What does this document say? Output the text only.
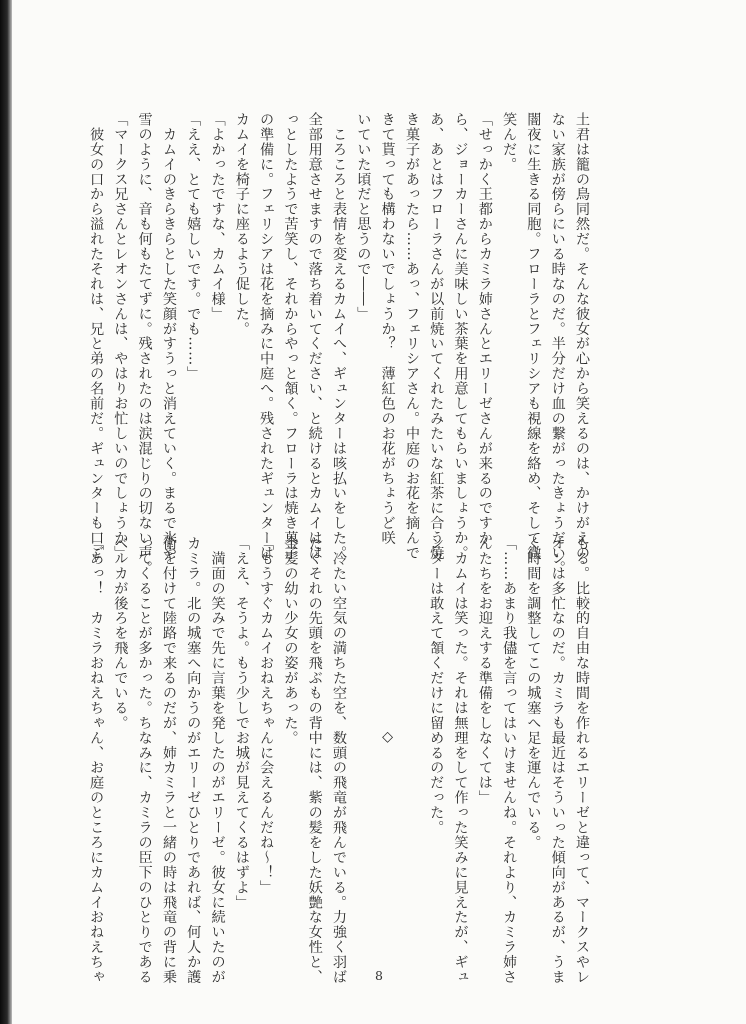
土君は籠の鳥同然だ。そんな彼女が心から笑えるのは、かけがえの

ない家族が傍らにいる時なのだ。半分だけ血の繋がったきょうだい。

闇夜に生きる同胞。フローラとフェリシアも視線を絡め、そして微

笑んだ。

「せっかく王都からカミラ姉さんとエリーゼさんが来るのですか

ら、ジョーカーさんに美味しい茶葉を用意してもらいましょうか。

あ、あとはフローラさんが以前焼いてくれたみたいな紅茶に合う焼

き菓子があったら……あっ、フェリシアさん。中庭のお花を摘んで

きて貰っても構わないでしょうか？　薄紅色のお花がちょうど咲

いていた頃だと思うので――」

　ころころと表情を変えるカムイへ、ギュンターは咳払いをした。

全部用意させますので落ち着いてください、と続けるとカムイはは

っとしたようで苦笑し、それからやっと頷く。フローラは焼き菓子

の準備に。フェリシアは花を摘みに中庭へ。残されたギュンターは

カムイを椅子に座るよう促した。

「よかったですな、カムイ様」

「ええ、とても嬉しいです。でも……」

　カムイのきらきらとした笑顔がすうっと消えていく。まるで氷や

雪のように、音も何もたてずに。残されたのは涙混じりの切ない声。

「マークス兄さんとレオンさんは、やはりお忙しいのでしょうか」

　彼女の口から溢れたそれは、兄と弟の名前だ。ギュンターも口ご

もる。比較的自由な時間を作れるエリーゼと違って、マークスやレ

オンは多忙なのだ。カミラも最近はそういった傾向があるが、うま

く時間を調整してこの城塞へ足を運んでいる。

「……あまり我儘を言ってはいけませんね。それより、カミラ姉さ

んたちをお迎えする準備をしなくては」

　カムイは笑った。それは無理をして作った笑みに見えたが、ギュ

ンターは敢えて頷くだけに留めるのだった。

◇

　冷たい空気の満ちた空を、数頭の飛竜が飛んでいる。力強く羽ば

たくそれの先頭を飛ぶもの背中には、紫の髪をした妖艶な女性と、

金髪の幼い少女の姿があった。

「もうすぐカムイおねえちゃんに会えるんだね～！」

「ええ、そうよ。もう少しでお城が見えてくるはずよ」

　満面の笑みで先に言葉を発したのがエリーゼ。彼女に続いたのが

カミラ。北の城塞へ向かうのがエリーゼひとりであれば、何人か護

衛を付けて陸路で来るのだが、姉カミラと一緒の時は飛竜の背に乗

ってくることが多かった。ちなみに、カミラの臣下のひとりである

ベルカが後ろを飛んでいる。

「あっ！　カミラおねえちゃん、お庭のところにカムイおねえちゃ	8
